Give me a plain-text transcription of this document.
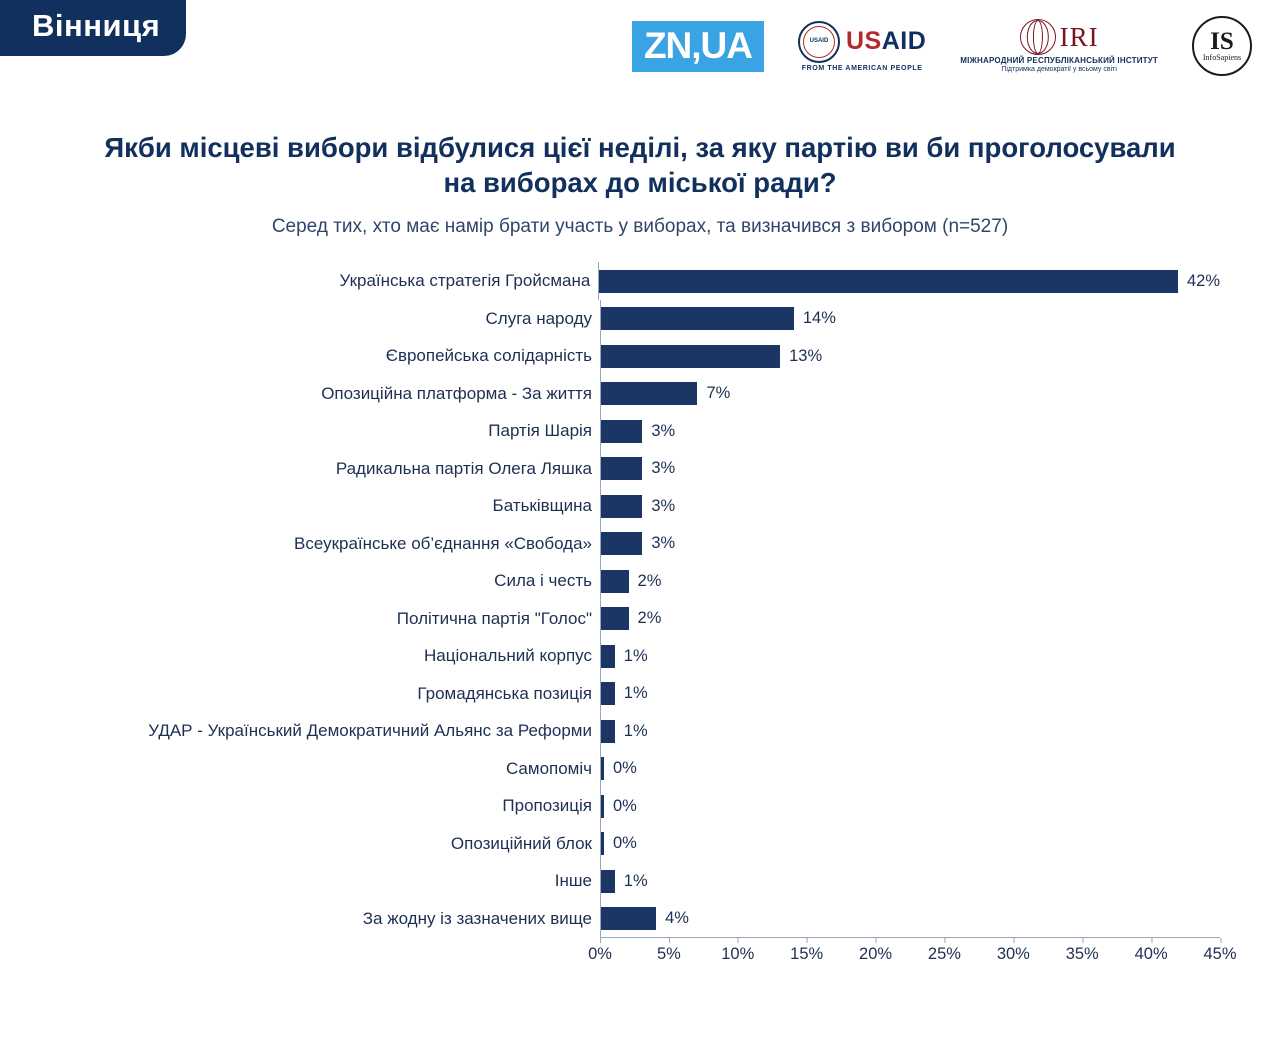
Вінниця	ZN,UA	USAID USAID
FROM THE AMERICAN PEOPLE
IRI
МІЖНАРОДНИЙ РЕСПУБЛІКАНСЬКИЙ ІНСТИТУТ
Підтримка демократії у всьому світі
IS
InfoSapiens
Якби місцеві вибори відбулися цієї неділі, за яку партію ви би проголосували на виборах до міської ради?
Серед тих, хто має намір брати участь у виборах, та визначився з вибором (n=527)
Українська стратегія Гройсмана	42%
Слуга народу	14%
Європейська солідарність	13%
Опозиційна платформа - За життя	7%
Партія Шарія	3%
Радикальна партія Олега Ляшка	3%
Батьківщина	3%
Всеукраїнське об’єднання «Свобода»	3%
Сила і честь	2%
Політична партія "Голос"	2%
Національний корпус	1%
Громадянська позиція	1%
УДАР - Український Демократичний Альянс за Реформи	1%
Самопоміч	0%
Пропозиція	0%
Опозиційний блок	0%
Інше	1%
За жодну із зазначених вище	4%
0%	5% 10% 15% 20% 25% 30% 35% 40% 45%
